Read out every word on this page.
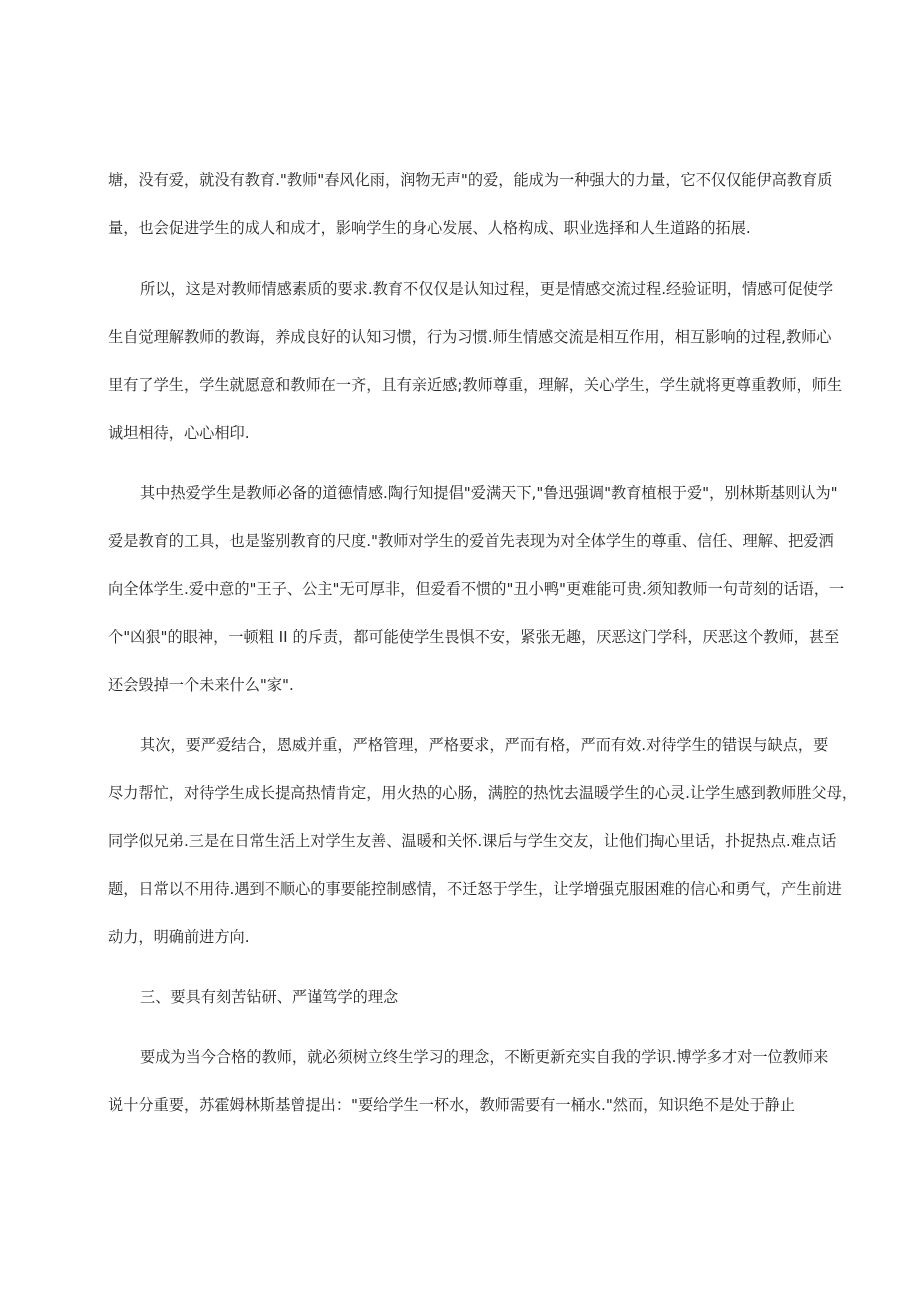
塘，没有爱，就没有教育."教师"春风化雨，润物无声"的爱，能成为一种强大的力量，它不仅仅能伊高教育质
量，也会促进学生的成人和成才，影响学生的身心发展、人格构成、职业选择和人生道路的拓展.
所以，这是对教师情感素质的要求.教育不仅仅是认知过程，更是情感交流过程.经验证明，情感可促使学
生自觉理解教师的教诲，养成良好的认知习惯，行为习惯.师生情感交流是相互作用，相互影响的过程,教师心
里有了学生，学生就愿意和教师在一齐，且有亲近感;教师尊重，理解，关心学生，学生就将更尊重教师，师生
诚坦相待，心心相印.
其中热爱学生是教师必备的道德情感.陶行知提倡"爱满天下,"鲁迅强调"教育植根于爱"，别林斯基则认为"
爱是教育的工具，也是鉴别教育的尺度."教师对学生的爱首先表现为对全体学生的尊重、信任、理解、把爱洒
向全体学生.爱中意的"王子、公主"无可厚非，但爱看不惯的"丑小鸭"更难能可贵.须知教师一句苛刻的话语，一
个"凶狠"的眼神，一顿粗 II 的斥责，都可能使学生畏惧不安，紧张无趣，厌恶这门学科，厌恶这个教师，甚至
还会毁掉一个未来什么"家".
其次，要严爱结合，恩威并重，严格管理，严格要求，严而有格，严而有效.对待学生的错误与缺点，要
尽力帮忙，对待学生成长提高热情肯定，用火热的心肠，满腔的热忱去温暖学生的心灵.让学生感到教师胜父母，
同学似兄弟.三是在日常生活上对学生友善、温暖和关怀.课后与学生交友，让他们掏心里话，扑捉热点.难点话
题，日常以不用待.遇到不顺心的事要能控制感情，不迁怒于学生，让学增强克服困难的信心和勇气，产生前进
动力，明确前进方向.
三、要具有刻苦钻研、严谨笃学的理念
要成为当今合格的教师，就必须树立终生学习的理念，不断更新充实自我的学识.博学多才对一位教师来
说十分重要，苏霍姆林斯基曾提出："要给学生一杯水，教师需要有一桶水."然而，知识绝不是处于静止
